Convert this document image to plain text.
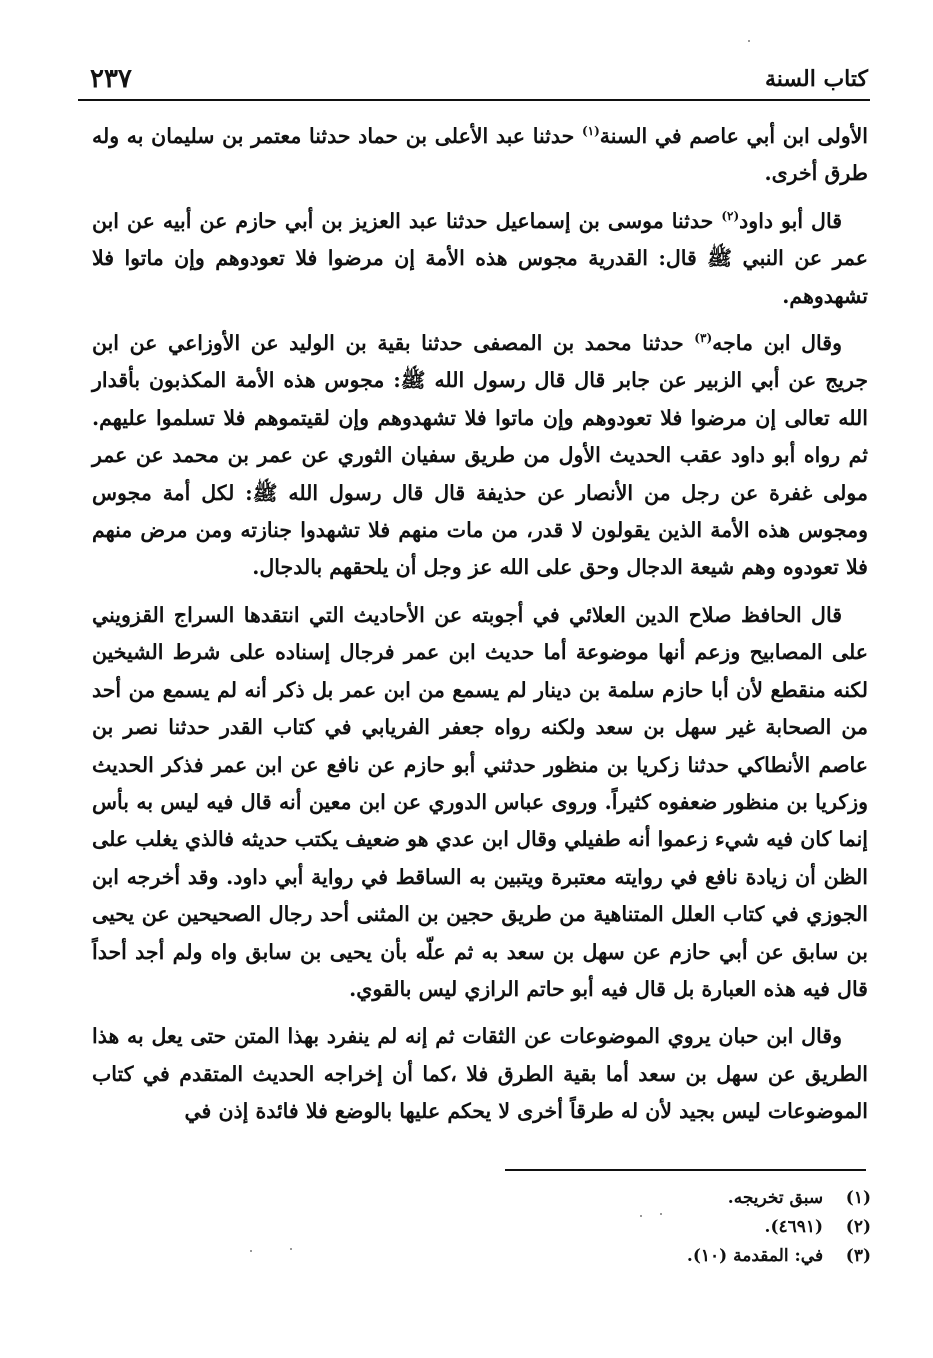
كتاب السنة
٢٣٧

الأولى ابن أبي عاصم في السنة$^{(١)}$ حدثنا عبد الأعلى بن حماد حدثنا معتمر بن سليمان به وله طرق أخرى.

قال أبو داود$^{(٢)}$ حدثنا موسى بن إسماعيل حدثنا عبد العزيز بن أبي حازم عن أبيه عن ابن عمر عن النبي ﷺ قال: القدرية مجوس هذه الأمة إن مرضوا فلا تعودوهم وإن ماتوا فلا تشهدوهم.

وقال ابن ماجه$^{(٣)}$ حدثنا محمد بن المصفى حدثنا بقية بن الوليد عن الأوزاعي عن ابن جريج عن أبي الزبير عن جابر قال قال رسول الله ﷺ: مجوس هذه الأمة المكذبون بأقدار الله تعالى إن مرضوا فلا تعودوهم وإن ماتوا فلا تشهدوهم وإن لقيتموهم فلا تسلموا عليهم. ثم رواه أبو داود عقب الحديث الأول من طريق سفيان الثوري عن عمر بن محمد عن عمر مولى غفرة عن رجل من الأنصار عن حذيفة قال قال رسول الله ﷺ: لكل أمة مجوس ومجوس هذه الأمة الذين يقولون لا قدر، من مات منهم فلا تشهدوا جنازته ومن مرض منهم فلا تعودوه وهم شيعة الدجال وحق على الله عز وجل أن يلحقهم بالدجال.

قال الحافظ صلاح الدين العلائي في أجوبته عن الأحاديث التي انتقدها السراج القزويني على المصابيح وزعم أنها موضوعة أما حديث ابن عمر فرجال إسناده على شرط الشيخين لكنه منقطع لأن أبا حازم سلمة بن دينار لم يسمع من ابن عمر بل ذكر أنه لم يسمع من أحد من الصحابة غير سهل بن سعد ولكنه رواه جعفر الفريابي في كتاب القدر حدثنا نصر بن عاصم الأنطاكي حدثنا زكريا بن منظور حدثني أبو حازم عن نافع عن ابن عمر فذكر الحديث وزكريا بن منظور ضعفوه كثيراً. وروى عباس الدوري عن ابن معين أنه قال فيه ليس به بأس إنما كان فيه شيء زعموا أنه طفيلي وقال ابن عدي هو ضعيف يكتب حديثه فالذي يغلب على الظن أن زيادة نافع في روايته معتبرة ويتبين به الساقط في رواية أبي داود. وقد أخرجه ابن الجوزي في كتاب العلل المتناهية من طريق حجين بن المثنى أحد رجال الصحيحين عن يحيى بن سابق عن أبي حازم عن سهل بن سعد به ثم علّه بأن يحيى بن سابق واه ولم أجد أحداً قال فيه هذه العبارة بل قال فيه أبو حاتم الرازي ليس بالقوي.

وقال ابن حبان يروي الموضوعات عن الثقات ثم إنه لم ينفرد بهذا المتن حتى يعل به هذا الطريق عن سهل بن سعد أما بقية الطرق فلا ،كما أن إخراجه الحديث المتقدم في كتاب الموضوعات ليس بجيد لأن له طرقاً أخرى لا يحكم عليها بالوضع فلا فائدة إذن في

(١) سبق تخريجه.
(٢) (٤٦٩١).
(٣) في: المقدمة (١٠).
